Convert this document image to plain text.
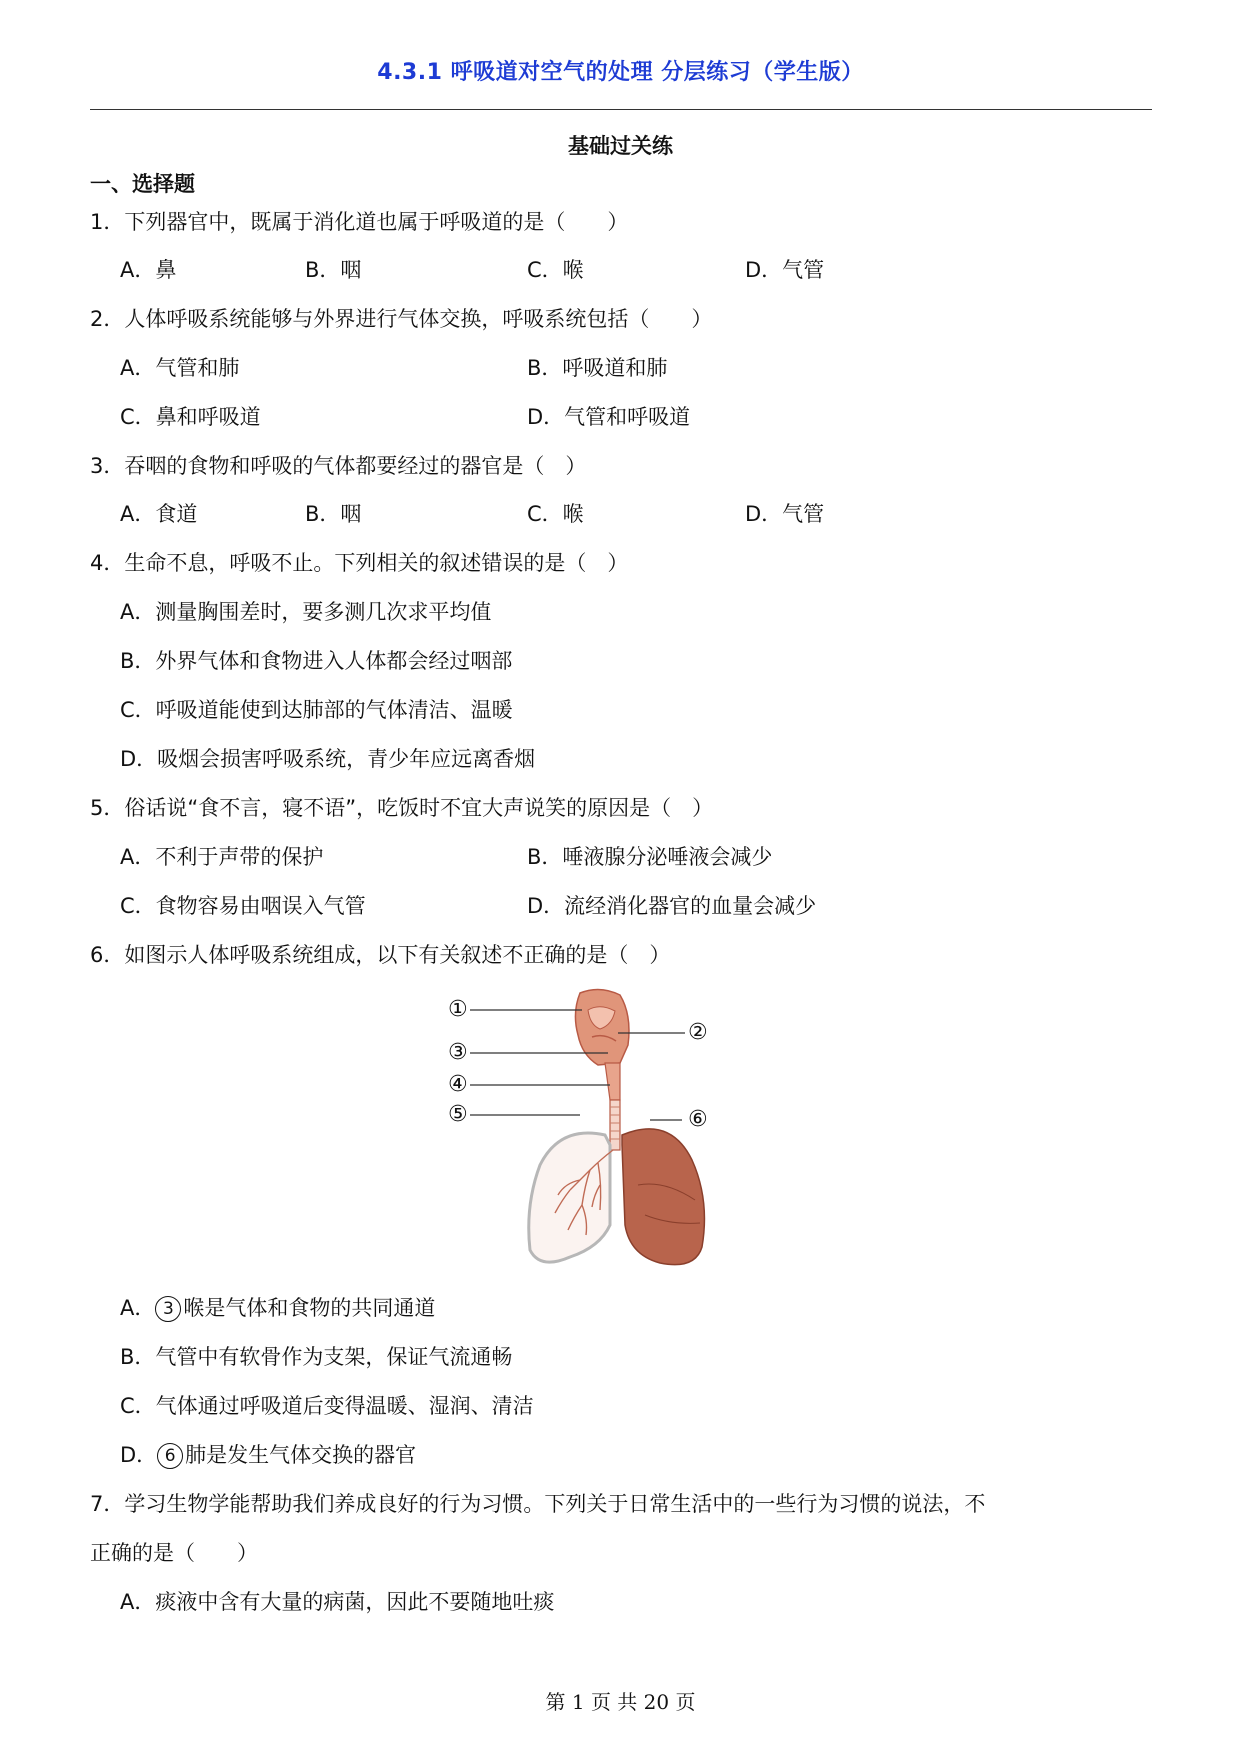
4.3.1 呼吸道对空气的处理 分层练习（学生版）
基础过关练
一、选择题
1．下列器官中，既属于消化道也属于呼吸道的是（　　）
A．鼻	B．咽	C．喉	D．气管
2．人体呼吸系统能够与外界进行气体交换，呼吸系统包括（　　）
A．气管和肺	B．呼吸道和肺
C．鼻和呼吸道	D．气管和呼吸道
3．吞咽的食物和呼吸的气体都要经过的器官是（　）
A．食道	B．咽	C．喉	D．气管
4．生命不息，呼吸不止。下列相关的叙述错误的是（　）
A．测量胸围差时，要多测几次求平均值
B．外界气体和食物进入人体都会经过咽部
C．呼吸道能使到达肺部的气体清洁、温暖
D．吸烟会损害呼吸系统，青少年应远离香烟
5．俗话说“食不言，寝不语”，吃饭时不宜大声说笑的原因是（　）
A．不利于声带的保护	B．唾液腺分泌唾液会减少
C．食物容易由咽误入气管	D．流经消化器官的血量会减少
6．如图示人体呼吸系统组成，以下有关叙述不正确的是（　）
①
②
③
④
⑤	⑥
A． 3 喉是气体和食物的共同通道
B．气管中有软骨作为支架，保证气流通畅
C．气体通过呼吸道后变得温暖、湿润、清洁
D． 6 肺是发生气体交换的器官
7．学习生物学能帮助我们养成良好的行为习惯。下列关于日常生活中的一些行为习惯的说法，不
正确的是（　　）
A．痰液中含有大量的病菌，因此不要随地吐痰
第 1 页 共 20 页
